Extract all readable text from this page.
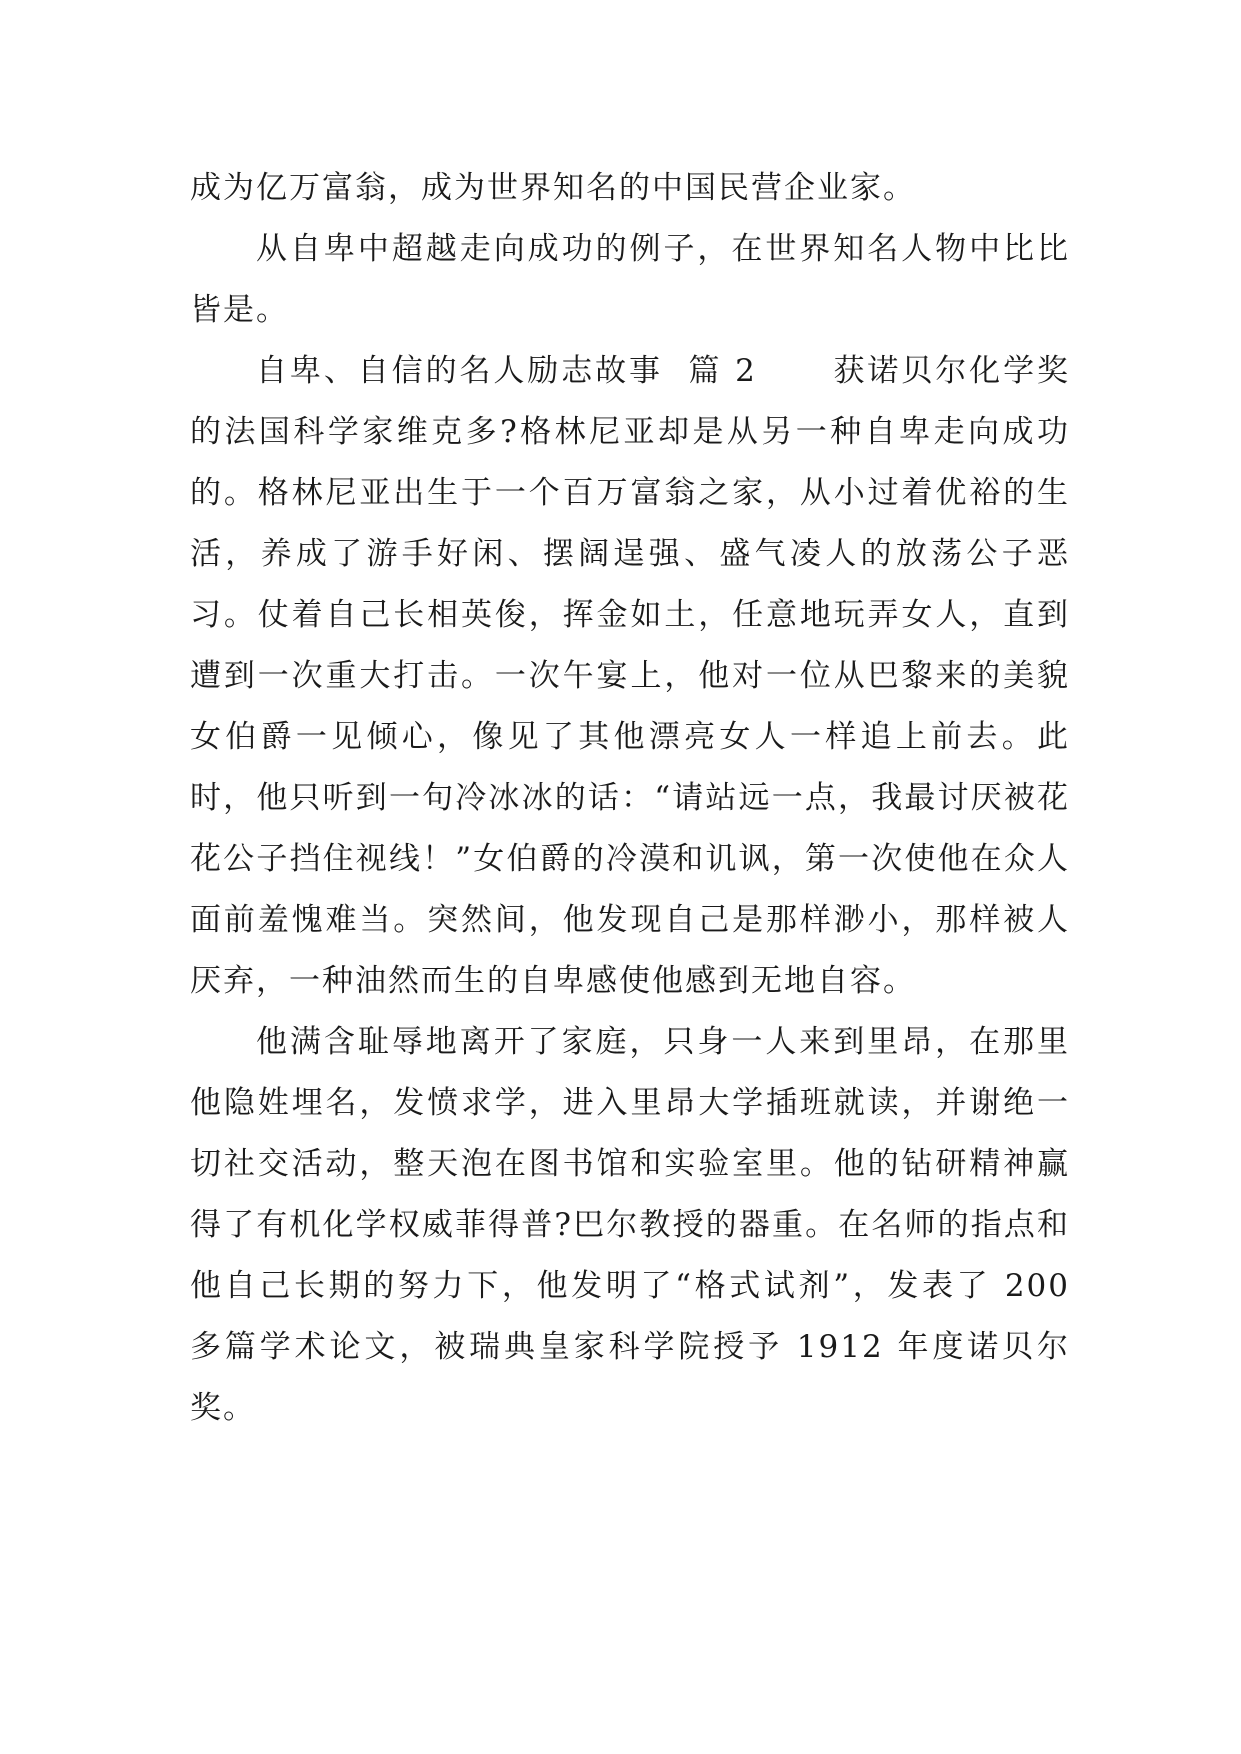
成为亿万富翁，成为世界知名的中国民营企业家。

从自卑中超越走向成功的例子，在世界知名人物中比比皆是。

自卑、自信的名人励志故事  篇 2 获诺贝尔化学奖的法国科学家维克多?格林尼亚却是从另一种自卑走向成功的。格林尼亚出生于一个百万富翁之家，从小过着优裕的生活，养成了游手好闲、摆阔逞强、盛气凌人的放荡公子恶习。仗着自己长相英俊，挥金如土，任意地玩弄女人，直到遭到一次重大打击。一次午宴上，他对一位从巴黎来的美貌女伯爵一见倾心，像见了其他漂亮女人一样追上前去。此时，他只听到一句冷冰冰的话：“请站远一点，我最讨厌被花花公子挡住视线！”女伯爵的冷漠和讥讽，第一次使他在众人面前羞愧难当。突然间，他发现自己是那样渺小，那样被人厌弃，一种油然而生的自卑感使他感到无地自容。

他满含耻辱地离开了家庭，只身一人来到里昂，在那里他隐姓埋名，发愤求学，进入里昂大学插班就读，并谢绝一切社交活动，整天泡在图书馆和实验室里。他的钻研精神赢得了有机化学权威菲得普?巴尔教授的器重。在名师的指点和他自己长期的努力下，他发明了“格式试剂”，发表了 200 多篇学术论文，被瑞典皇家科学院授予 1912 年度诺贝尔奖。
